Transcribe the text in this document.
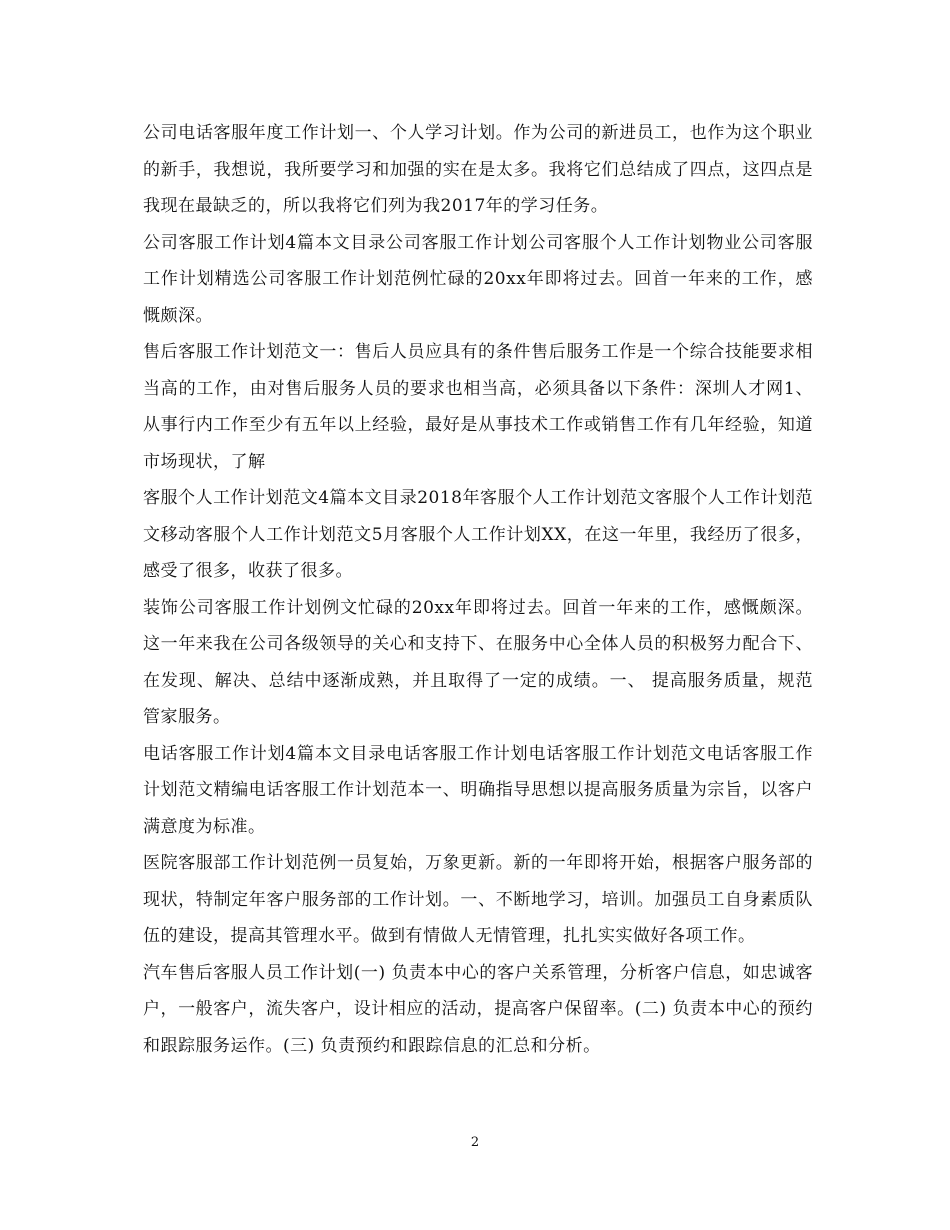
公司电话客服年度工作计划一、个人学习计划。作为公司的新进员工，也作为这个职业的新手，我想说，我所要学习和加强的实在是太多。我将它们总结成了四点，这四点是我现在最缺乏的，所以我将它们列为我2017年的学习任务。

公司客服工作计划4篇本文目录公司客服工作计划公司客服个人工作计划物业公司客服工作计划精选公司客服工作计划范例忙碌的20xx年即将过去。回首一年来的工作，感慨颇深。

售后客服工作计划范文一：售后人员应具有的条件售后服务工作是一个综合技能要求相当高的工作，由对售后服务人员的要求也相当高，必须具备以下条件：深圳人才网1、从事行内工作至少有五年以上经验，最好是从事技术工作或销售工作有几年经验，知道市场现状，了解

客服个人工作计划范文4篇本文目录2018年客服个人工作计划范文客服个人工作计划范文移动客服个人工作计划范文5月客服个人工作计划XX，在这一年里，我经历了很多，感受了很多，收获了很多。

装饰公司客服工作计划例文忙碌的20xx年即将过去。回首一年来的工作，感慨颇深。这一年来我在公司各级领导的关心和支持下、在服务中心全体人员的积极努力配合下、在发现、解决、总结中逐渐成熟，并且取得了一定的成绩。一、 提高服务质量，规范管家服务。

电话客服工作计划4篇本文目录电话客服工作计划电话客服工作计划范文电话客服工作计划范文精编电话客服工作计划范本一、明确指导思想以提高服务质量为宗旨，以客户满意度为标准。

医院客服部工作计划范例一员复始，万象更新。新的一年即将开始，根据客户服务部的现状，特制定年客户服务部的工作计划。一、不断地学习，培训。加强员工自身素质队伍的建设，提高其管理水平。做到有情做人无情管理，扎扎实实做好各项工作。

汽车售后客服人员工作计划(一) 负责本中心的客户关系管理，分析客户信息，如忠诚客户，一般客户，流失客户，设计相应的活动，提高客户保留率。(二) 负责本中心的预约和跟踪服务运作。(三) 负责预约和跟踪信息的汇总和分析。

2
